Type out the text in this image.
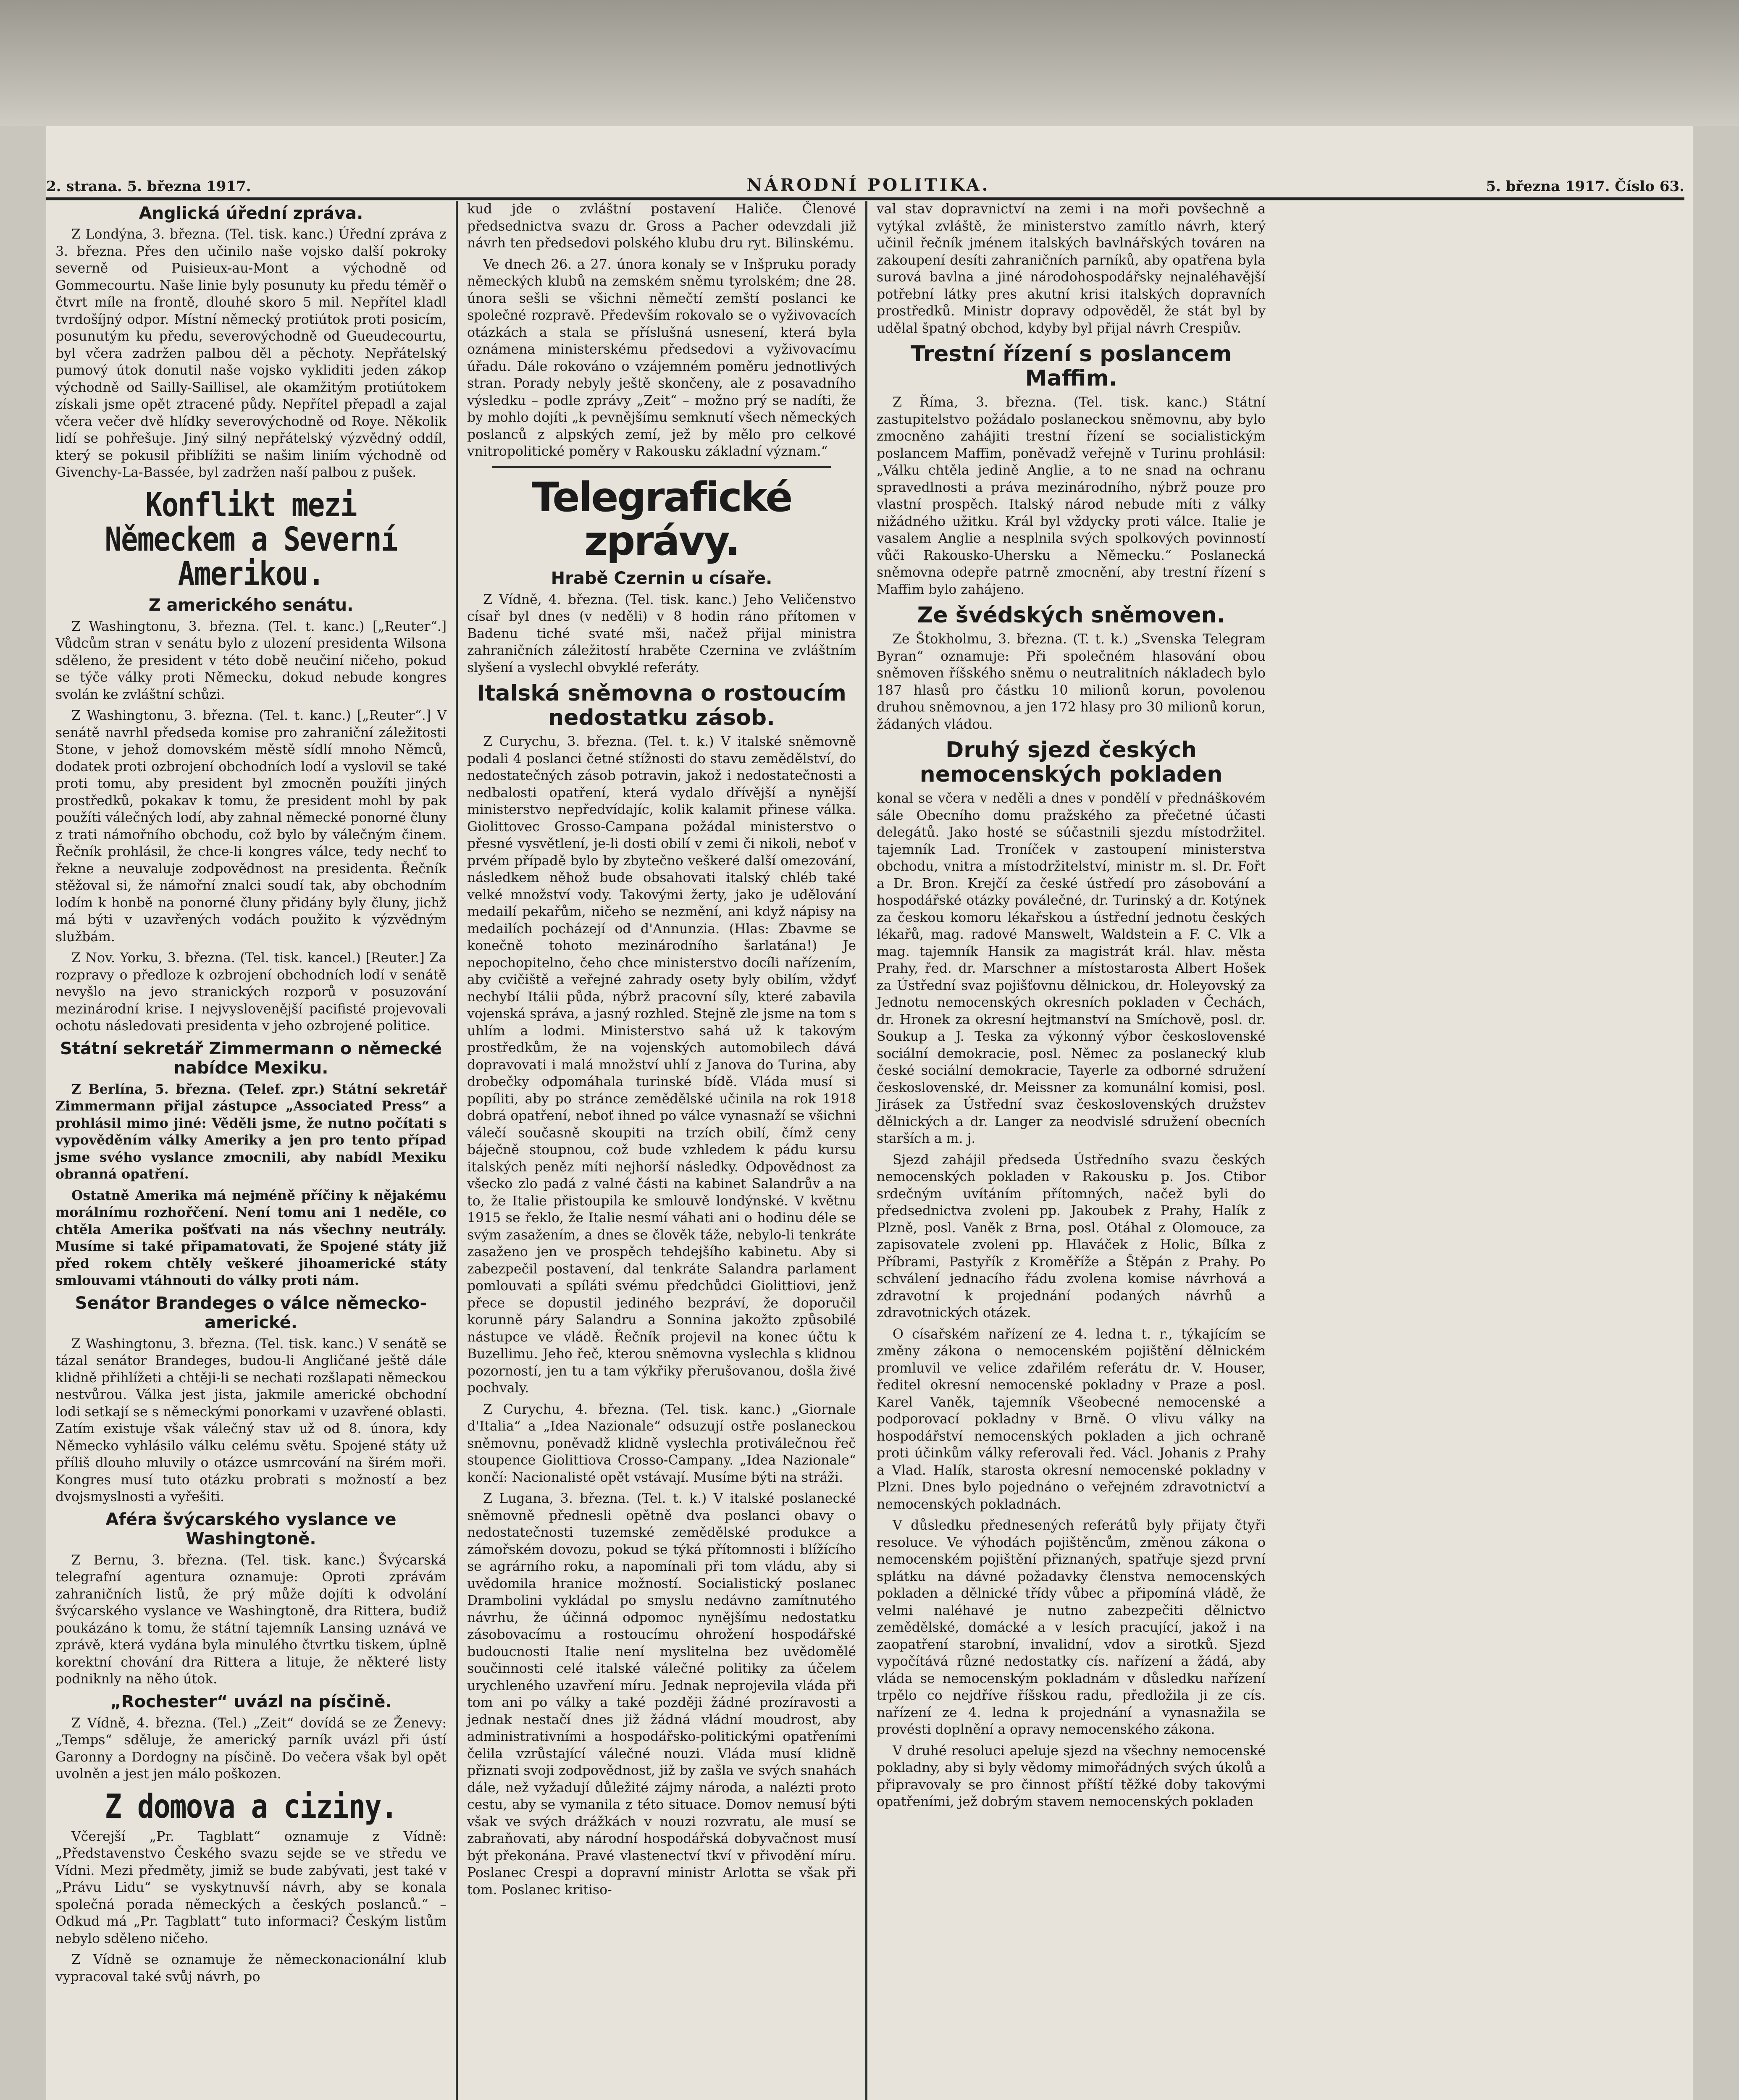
2. strana. 5. března 1917.	NÁRODNÍ POLITIKA.	5. března 1917. Číslo 63.
Anglická úřední zpráva.

Z Londýna, 3. března. (Tel. tisk. kanc.) Úřední zpráva z 3. března. Přes den učinilo naše vojsko další pokroky severně od Puisieux-au-Mont a východně od Gommecourtu. Naše linie byly posunuty ku předu téměř o čtvrt míle na frontě, dlouhé skoro 5 mil. Nepřítel kladl tvrdošíjný odpor. Místní německý protiútok proti posicím, posunutým ku předu, severovýchodně od Gueudecourtu, byl včera zadržen palbou děl a pěchoty. Nepřátelský pumový útok donutil naše vojsko vykliditi jeden zákop východně od Sailly-Saillisel, ale okamžitým protiútokem získali jsme opět ztracené půdy. Nepřítel přepadl a zajal včera večer dvě hlídky severovýchodně od Roye. Několik lidí se pohřešuje. Jiný silný nepřátelský výzvědný oddíl, který se pokusil přiblížiti se našim liniím východně od Givenchy-La-Bassée, byl zadržen naší palbou z pušek.

Konflikt mezi Německem a Severní Amerikou.
Z amerického senátu.

Z Washingtonu, 3. března. (Tel. t. kanc.) [„Reuter“.] Vůdcům stran v senátu bylo z ulození presidenta Wilsona sděleno, že president v této době neučiní ničeho, pokud se týče války proti Německu, dokud nebude kongres svolán ke zvláštní schůzi.

Z Washingtonu, 3. března. (Tel. t. kanc.) [„Reuter“.] V senátě navrhl předseda komise pro zahraniční záležitosti Stone, v jehož domovském městě sídlí mnoho Němců, dodatek proti ozbrojení obchodních lodí a vyslovil se také proti tomu, aby president byl zmocněn použíti jiných prostředků, pokakav k tomu, že president mohl by pak použíti válečných lodí, aby zahnal německé ponorné čluny z trati námořního obchodu, což bylo by válečným činem. Řečník prohlásil, že chce-li kongres válce, tedy nechť to řekne a neuvaluje zodpovědnost na presidenta. Řečník stěžoval si, že námořní znalci soudí tak, aby obchodním lodím k honbě na ponorné čluny přidány byly čluny, jichž má býti v uzavřených vodách použito k výzvědným službám.

Z Nov. Yorku, 3. března. (Tel. tisk. kancel.) [Reuter.] Za rozpravy o předloze k ozbrojení obchodních lodí v senátě nevyšlo na jevo stranických rozporů v posuzování mezinárodní krise. I nejvyslovenější pacifisté projevovali ochotu následovati presidenta v jeho ozbrojené politice.

Státní sekretář Zimmermann o německé nabídce Mexiku.

Z Berlína, 5. března. (Telef. zpr.) Státní sekretář Zimmermann přijal zástupce „Associated Press“ a prohlásil mimo jiné: Věděli jsme, že nutno počítati s vypověděním války Ameriky a jen pro tento případ jsme svého vyslance zmocnili, aby nabídl Mexiku obranná opatření.

Ostatně Amerika má nejméně příčiny k nějakému morálnímu rozhořčení. Není tomu ani 1 neděle, co chtěla Amerika pošťvati na nás všechny neutrály. Musíme si také připamatovati, že Spojené státy již před rokem chtěly veškeré jihoamerické státy smlouvami vtáhnouti do války proti nám.

Senátor Brandeges o válce německo-americké.

Z Washingtonu, 3. března. (Tel. tisk. kanc.) V senátě se tázal senátor Brandeges, budou-li Angličané ještě dále klidně přihlížeti a chtěji-li se nechati rozšlapati německou nestvůrou. Válka jest jista, jakmile americké obchodní lodi setkají se s německými ponorkami v uzavřené oblasti. Zatím existuje však válečný stav už od 8. února, kdy Německo vyhlásilo válku celému světu. Spojené státy už příliš dlouho mluvily o otázce usmrcování na širém moři. Kongres musí tuto otázku probrati s možností a bez dvojsmyslnosti a vyřešiti.

Aféra švýcarského vyslance ve Washingtoně.

Z Bernu, 3. března. (Tel. tisk. kanc.) Švýcarská telegrafní agentura oznamuje: Oproti zprávám zahraničních listů, že prý může dojíti k odvolání švýcarského vyslance ve Washingtoně, dra Rittera, budiž poukázáno k tomu, že státní tajemník Lansing uznává ve zprávě, která vydána byla minulého čtvrtku tiskem, úplně korektní chování dra Rittera a lituje, že některé listy podniknly na něho útok.

„Rochester“ uvázl na písčině.

Z Vídně, 4. března. (Tel.) „Zeit“ dovídá se ze Ženevy: „Temps“ sděluje, že americký parník uvázl při ústí Garonny a Dordogny na písčině. Do večera však byl opět uvolněn a jest jen málo poškozen.

Z domova a ciziny.

Včerejší „Pr. Tagblatt“ oznamuje z Vídně: „Představenstvo Českého svazu sejde se ve středu ve Vídni. Mezi předměty, jimiž se bude zabývati, jest také v „Právu Lidu“ se vyskytnuvší návrh, aby se konala společná porada německých a českých poslanců.“ – Odkud má „Pr. Tagblatt“ tuto informaci? Českým listům nebylo sděleno ničeho.

Z Vídně se oznamuje že německonacionální klub vypracoval také svůj návrh, po

kud jde o zvláštní postavení Haliče. Členové předsednictva svazu dr. Gross a Pacher odevzdali již návrh ten předsedovi polského klubu dru ryt. Bilinskému.

Ve dnech 26. a 27. února konaly se v Inšpruku porady německých klubů na zemském sněmu tyrolském; dne 28. února sešli se všichni němečtí zemští poslanci ke společné rozpravě. Především rokovalo se o vyživovacích otázkách a stala se příslušná usnesení, která byla oznámena ministerskému předsedovi a vyživovacímu úřadu. Dále rokováno o vzájemném poměru jednotlivých stran. Porady nebyly ještě skončeny, ale z posavadního výsledku – podle zprávy „Zeit“ – možno prý se nadíti, že by mohlo dojíti „k pevnějšímu semknutí všech německých poslanců z alpských zemí, jež by mělo pro celkové vnitropolitické poměry v Rakousku základní význam.“

Telegrafické zprávy.
Hrabě Czernin u císaře.

Z Vídně, 4. března. (Tel. tisk. kanc.) Jeho Veličenstvo císař byl dnes (v neděli) v 8 hodin ráno přítomen v Badenu tiché svaté mši, načež přijal ministra zahraničních záležitostí hraběte Czernina ve zvláštním slyšení a vyslechl obvyklé referáty.

Italská sněmovna o rostoucím nedostatku zásob.

Z Curychu, 3. března. (Tel. t. k.) V italské sněmovně podali 4 poslanci četné stížnosti do stavu zemědělství, do nedostatečných zásob potravin, jakož i nedostatečnosti a nedbalosti opatření, která vydalo dřívější a nynější ministerstvo nepředvídajíc, kolik kalamit přinese válka. Giolittovec Grosso-Campana požádal ministerstvo o přesné vysvětlení, je-li dosti obilí v zemi či nikoli, neboť v prvém případě bylo by zbytečno veškeré další omezování, následkem něhož bude obsahovati italský chléb také velké množství vody. Takovými žerty, jako je udělování medailí pekařům, ničeho se nezmění, ani když nápisy na medailích pocházejí od d'Annunzia. (Hlas: Zbavme se konečně tohoto mezinárodního šarlatána!) Je nepochopitelno, čeho chce ministerstvo docíli nařízením, aby cvičiště a veřejné zahrady osety byly obilím, vždyť nechybí Itálii půda, nýbrž pracovní síly, které zabavila vojenská správa, a jasný rozhled. Stejně zle jsme na tom s uhlím a lodmi. Ministerstvo sahá už k takovým prostředkům, že na vojenských automobilech dává dopravovati i malá množství uhlí z Janova do Turina, aby drobečky odpomáhala turinské bídě. Vláda musí si popíliti, aby po stránce zemědělské učinila na rok 1918 dobrá opatření, neboť ihned po válce vynasnaží se všichni válečí současně skoupiti na trzích obilí, čímž ceny báječně stoupnou, což bude vzhledem k pádu kursu italských peněz míti nejhorší následky. Odpovědnost za všecko zlo padá z valné části na kabinet Salandrův a na to, že Italie přistoupila ke smlouvě londýnské. V květnu 1915 se řeklo, že Italie nesmí váhati ani o hodinu déle se svým zasažením, a dnes se člověk táže, nebylo-li tenkráte zasaženo jen ve prospěch tehdejšího kabinetu. Aby si zabezpečil postavení, dal tenkráte Salandra parlament pomlouvati a spíláti svému předchůdci Giolittiovi, jenž přece se dopustil jediného bezpráví, že doporučil korunně páry Salandru a Sonnina jakožto způsobilé nástupce ve vládě. Řečník projevil na konec účtu k Buzellimu. Jeho řeč, kterou sněmovna vyslechla s klidnou pozorností, jen tu a tam výkřiky přerušovanou, došla živé pochvaly.

Z Curychu, 4. března. (Tel. tisk. kanc.) „Giornale d'Italia“ a „Idea Nazionale“ odsuzují ostře poslaneckou sněmovnu, poněvadž klidně vyslechla protiválečnou řeč stoupence Giolittiova Crosso-Campany. „Idea Nazionale“ končí: Nacionalisté opět vstávají. Musíme býti na stráži.

Z Lugana, 3. března. (Tel. t. k.) V italské poslanecké sněmovně přednesli opětně dva poslanci obavy o nedostatečnosti tuzemské zemědělské produkce a zámořském dovozu, pokud se týká přítomnosti i blížícího se agrárního roku, a napomínali při tom vládu, aby si uvědomila hranice možností. Socialistický poslanec Drambolini vykládal po smyslu nedávno zamítnutého návrhu, že účinná odpomoc nynějšímu nedostatku zásobovacímu a rostoucímu ohrožení hospodářské budoucnosti Italie není myslitelna bez uvědomělé součinnosti celé italské válečné politiky za účelem urychleného uzavření míru. Jednak neprojevila vláda při tom ani po války a také později žádné prozíravosti a jednak nestačí dnes již žádná vládní moudrost, aby administrativními a hospodářsko-politickými opatřeními čelila vzrůstající válečné nouzi. Vláda musí klidně přiznati svoji zodpovědnost, již by zašla ve svých snahách dále, než vyžadují důležité zájmy národa, a nalézti proto cestu, aby se vymanila z této situace. Domov nemusí býti však ve svých drážkách v nouzi rozvratu, ale musí se zabraňovati, aby národní hospodářská dobyvačnost musí být překonána. Pravé vlastenectví tkví v přivodění míru. Poslanec Crespi a dopravní ministr Arlotta se však při tom. Poslanec kritiso-

val stav dopravnictví na zemi i na moři povšechně a vytýkal zvláště, že ministerstvo zamítlo návrh, který učinil řečník jménem italských bavlnářských továren na zakoupení desíti zahraničních parníků, aby opatřena byla surová bavlna a jiné národohospodářsky nejnaléhavější potřební látky pres akutní krisi italských dopravních prostředků. Ministr dopravy odpověděl, že stát byl by udělal špatný obchod, kdyby byl přijal návrh Crespiův.

Trestní řízení s poslancem Maffim.

Z Říma, 3. března. (Tel. tisk. kanc.) Státní zastupitelstvo požádalo poslaneckou sněmovnu, aby bylo zmocněno zahájiti trestní řízení se socialistickým poslancem Maffim, poněvadž veřejně v Turinu prohlásil: „Válku chtěla jedině Anglie, a to ne snad na ochranu spravedlnosti a práva mezinárodního, nýbrž pouze pro vlastní prospěch. Italský národ nebude míti z války nižádného užitku. Král byl vždycky proti válce. Italie je vasalem Anglie a nesplnila svých spolkových povinností vůči Rakousko-Uhersku a Německu.“ Poslanecká sněmovna odepře patrně zmocnění, aby trestní řízení s Maffim bylo zahájeno.

Ze švédských sněmoven.

Ze Štokholmu, 3. března. (T. t. k.) „Svenska Telegram Byran“ oznamuje: Při společném hlasování obou sněmoven říšského sněmu o neutralitních nákladech bylo 187 hlasů pro částku 10 milionů korun, povolenou druhou sněmovnou, a jen 172 hlasy pro 30 milionů korun, žádaných vládou.

Druhý sjezd českých nemocenských pokladen

konal se včera v neděli a dnes v pondělí v přednáškovém sále Obecního domu pražského za přečetné účasti delegátů. Jako hosté se súčastnili sjezdu místodržitel. tajemník Lad. Troníček v zastoupení ministerstva obchodu, vnitra a místodržitelství, ministr m. sl. Dr. Fořt a Dr. Bron. Krejčí za české ústředí pro zásobování a hospodářské otázky poválečné, dr. Turinský a dr. Kotýnek za českou komoru lékařskou a ústřední jednotu českých lékařů, mag. radové Manswelt, Waldstein a F. C. Vlk a mag. tajemník Hansik za magistrát král. hlav. města Prahy, řed. dr. Marschner a místostarosta Albert Hošek za Ústřední svaz pojišťovnu dělnickou, dr. Holeyovský za Jednotu nemocenských okresních pokladen v Čechách, dr. Hronek za okresní hejtmanství na Smíchově, posl. dr. Soukup a J. Teska za výkonný výbor československé sociální demokracie, posl. Němec za poslanecký klub české sociální demokracie, Tayerle za odborné sdružení československé, dr. Meissner za komunální komisi, posl. Jirásek za Ústřední svaz československých družstev dělnických a dr. Langer za neodvislé sdružení obecních starších a m. j.

Sjezd zahájil předseda Ústředního svazu českých nemocenských pokladen v Rakousku p. Jos. Ctibor srdečným uvítáním přítomných, načež byli do předsednictva zvoleni pp. Jakoubek z Prahy, Halík z Plzně, posl. Vaněk z Brna, posl. Otáhal z Olomouce, za zapisovatele zvoleni pp. Hlaváček z Holic, Bílka z Příbrami, Pastyřík z Kroměříže a Štěpán z Prahy. Po schválení jednacího řádu zvolena komise návrhová a zdravotní k projednání podaných návrhů a zdravotnických otázek.

O císařském nařízení ze 4. ledna t. r., týkajícím se změny zákona o nemocenském pojištění dělnickém promluvil ve velice zdařilém referátu dr. V. Houser, ředitel okresní nemocenské pokladny v Praze a posl. Karel Vaněk, tajemník Všeobecné nemocenské a podporovací pokladny v Brně. O vlivu války na hospodářství nemocenských pokladen a jich ochraně proti účinkům války referovali řed. Václ. Johanis z Prahy a Vlad. Halík, starosta okresní nemocenské pokladny v Plzni. Dnes bylo pojednáno o veřejném zdravotnictví a nemocenských pokladnách.

V důsledku přednesených referátů byly přijaty čtyři resoluce. Ve výhodách pojištěncům, změnou zákona o nemocenském pojištění přiznaných, spatřuje sjezd první splátku na dávné požadavky členstva nemocenských pokladen a dělnické třídy vůbec a připomíná vládě, že velmi naléhavé je nutno zabezpečiti dělnictvo zemědělské, domácké a v lesích pracující, jakož i na zaopatření starobní, invalidní, vdov a sirotků. Sjezd vypočítává různé nedostatky cís. nařízení a žádá, aby vláda se nemocenským pokladnám v důsledku nařízení trpělo co nejdříve říšskou radu, předložila ji ze cís. nařízení ze 4. ledna k projednání a vynasnažila se provésti doplnění a opravy nemocenského zákona.

V druhé resoluci apeluje sjezd na všechny nemocenské pokladny, aby si byly vědomy mimořádných svých úkolů a připravovaly se pro činnost příští těžké doby takovými opatřeními, jež dobrým stavem nemocenských pokladen
